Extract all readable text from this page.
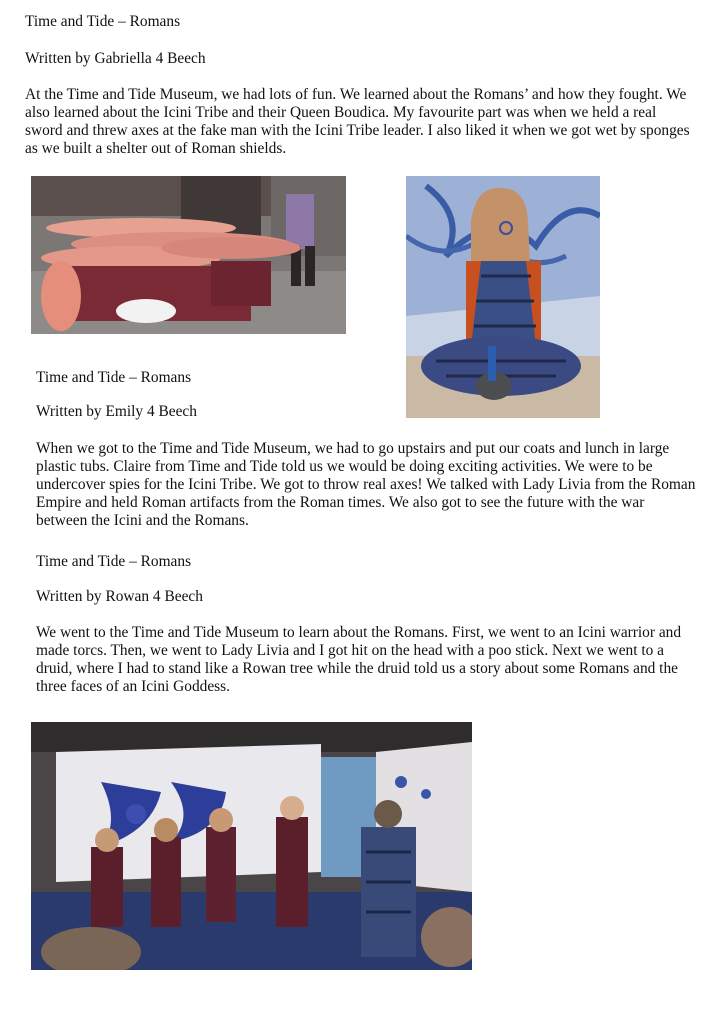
Time and Tide – Romans

Written by Gabriella 4 Beech

At the Time and Tide Museum, we had lots of fun. We learned about the Romans’ and how they fought. We also learned about the Icini Tribe and their Queen Boudica. My favourite part was when we held a real sword and threw axes at the fake man with the Icini Tribe leader. I also liked it when we got wet by sponges as we built a shelter out of Roman shields.

Time and Tide – Romans

Written by Emily 4 Beech

When we got to the Time and Tide Museum, we had to go upstairs and put our coats and lunch in large plastic tubs. Claire from Time and Tide told us we would be doing exciting activities. We were to be undercover spies for the Icini Tribe. We got to throw real axes! We talked with Lady Livia from the Roman Empire and held Roman artifacts from the Roman times. We also got to see the future with the war between the Icini and the Romans.

Time and Tide – Romans

Written by Rowan 4 Beech

We went to the Time and Tide Museum to learn about the Romans. First, we went to an Icini warrior and made torcs. Then, we went to Lady Livia and I got hit on the head with a poo stick. Next we went to a druid, where I had to stand like a Rowan tree while the druid told us a story about some Romans and the three faces of an Icini Goddess.
